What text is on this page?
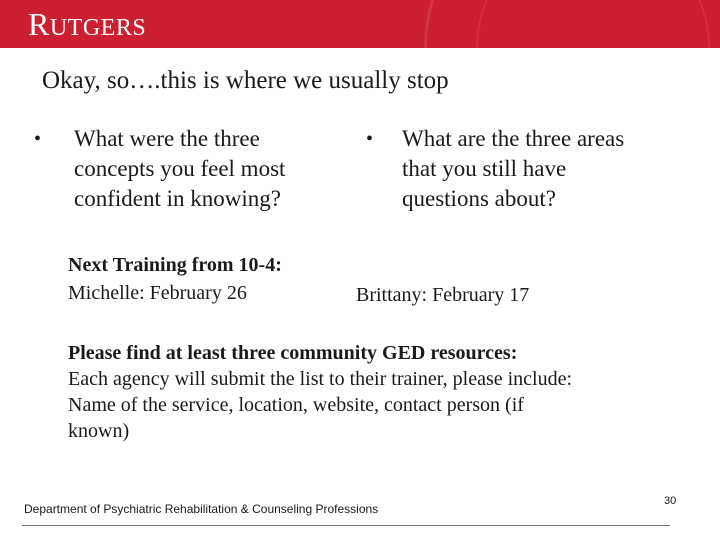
RUTGERS
Okay, so….this is where we usually stop
•	What were the three
concepts you feel most
confident in knowing?
•	What are the three areas
that you still have
questions about?
Next Training from 10-4:
Michelle: February 26	Brittany: February 17
Please find at least three community GED resources:
Each agency will submit the list to their trainer, please include:
Name of the service, location, website, contact person (if
known)
Department of Psychiatric Rehabilitation & Counseling Professions
30
